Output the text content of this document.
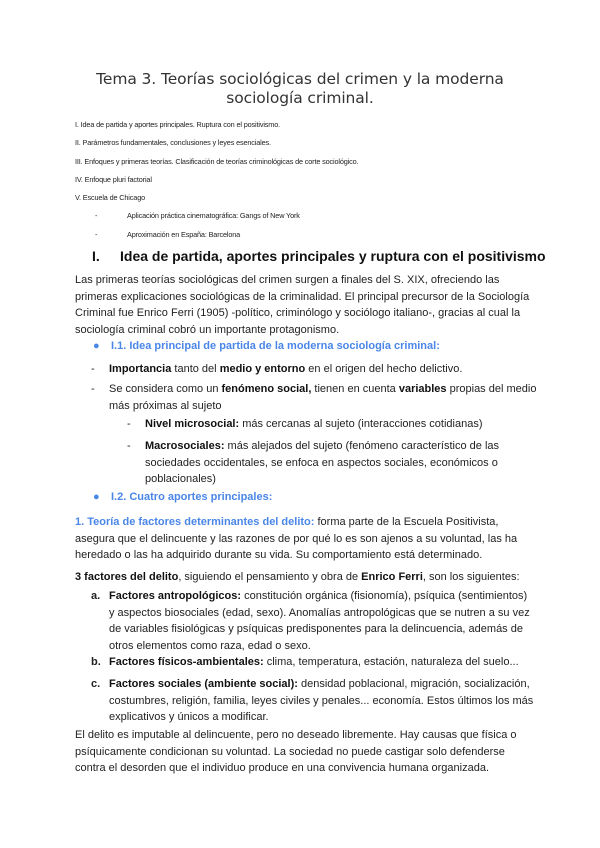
Tema 3. Teorías sociológicas del crimen y la moderna sociología criminal.
I. Idea de partida y aportes principales. Ruptura con el positivismo.
II. Parámetros fundamentales, conclusiones y leyes esenciales.
III. Enfoques y primeras teorías. Clasificación de teorías criminológicas de corte sociológico.
IV. Enfoque pluri factorial
V. Escuela de Chicago
-	Aplicación práctica cinematográfica: Gangs of New York
-	Aproximación en España: Barcelona
I. Idea de partida, aportes principales y ruptura con el positivismo
Las primeras teorías sociológicas del crimen surgen a finales del S. XIX, ofreciendo las primeras explicaciones sociológicas de la criminalidad. El principal precursor de la Sociología Criminal fue Enrico Ferri (1905) -político, criminólogo y sociólogo italiano-, gracias al cual la sociología criminal cobró un importante protagonismo.
● I.1. Idea principal de partida de la moderna sociología criminal:
- Importancia tanto del medio y entorno en el origen del hecho delictivo.
- Se considera como un fenómeno social, tienen en cuenta variables propias del medio más próximas al sujeto
- Nivel microsocial: más cercanas al sujeto (interacciones cotidianas)
- Macrosociales: más alejados del sujeto (fenómeno característico de las sociedades occidentales, se enfoca en aspectos sociales, económicos o poblacionales)
● I.2. Cuatro aportes principales:
1. Teoría de factores determinantes del delito: forma parte de la Escuela Positivista, asegura que el delincuente y las razones de por qué lo es son ajenos a su voluntad, las ha heredado o las ha adquirido durante su vida. Su comportamiento está determinado.
3 factores del delito, siguiendo el pensamiento y obra de Enrico Ferri, son los siguientes:
a. Factores antropológicos: constitución orgánica (fisionomía), psíquica (sentimientos) y aspectos biosociales (edad, sexo). Anomalías antropológicas que se nutren a su vez de variables fisiológicas y psíquicas predisponentes para la delincuencia, además de otros elementos como raza, edad o sexo.
b. Factores físicos-ambientales: clima, temperatura, estación, naturaleza del suelo...
c. Factores sociales (ambiente social): densidad poblacional, migración, socialización, costumbres, religión, familia, leyes civiles y penales... economía. Estos últimos los más explicativos y únicos a modificar.
El delito es imputable al delincuente, pero no deseado libremente. Hay causas que física o psíquicamente condicionan su voluntad. La sociedad no puede castigar solo defenderse contra el desorden que el individuo produce en una convivencia humana organizada.
